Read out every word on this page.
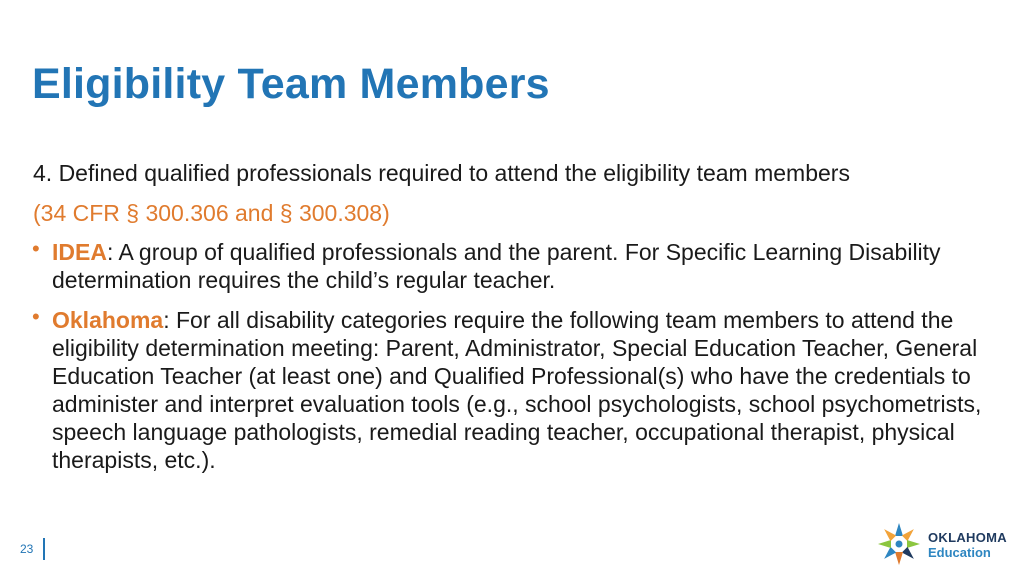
Eligibility Team Members
4. Defined qualified professionals required to attend the eligibility team members
(34 CFR § 300.306 and § 300.308)
• IDEA: A group of qualified professionals and the parent. For Specific Learning Disability determination requires the child’s regular teacher.
• Oklahoma: For all disability categories require the following team members to attend the eligibility determination meeting: Parent, Administrator, Special Education Teacher, General Education Teacher (at least one) and Qualified Professional(s) who have the credentials to administer and interpret evaluation tools (e.g., school psychologists, school psychometrists, speech language pathologists, remedial reading teacher, occupational therapist, physical therapists, etc.).
23
OKLAHOMA
Education
